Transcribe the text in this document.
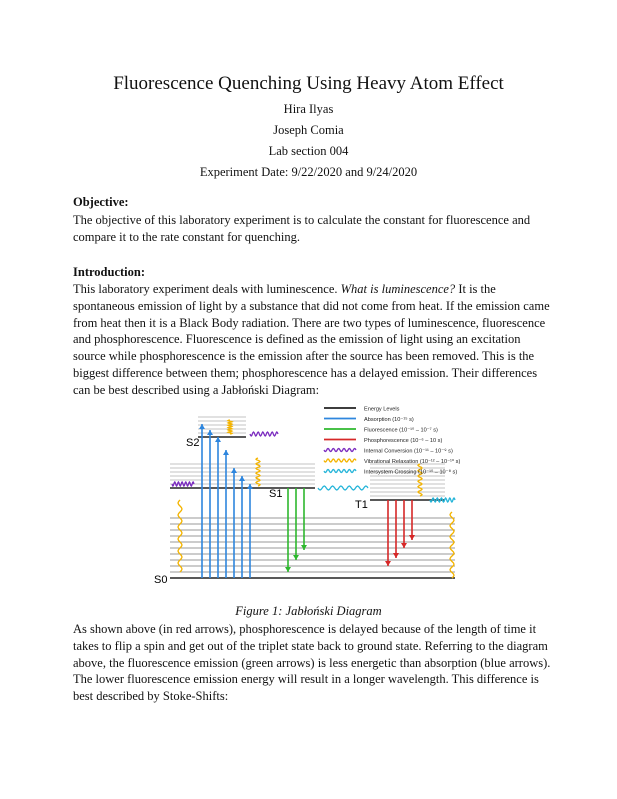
Fluorescence Quenching Using Heavy Atom Effect
Hira Ilyas
Joseph Comia
Lab section 004
Experiment Date: 9/22/2020 and 9/24/2020
Objective:

The objective of this laboratory experiment is to calculate the constant for fluorescence and compare it to the rate constant for quenching.

Introduction:

This laboratory experiment deals with luminescence. What is luminescence? It is the spontaneous emission of light by a substance that did not come from heat. If the emission came from heat then it is a Black Body radiation. There are two types of luminescence, fluorescence and phosphorescence. Fluorescence is defined as the emission of light using an excitation source while phosphorescence is the emission after the source has been removed. This is the biggest difference between them; phosphorescence has a delayed emission. Their differences can be best described using a Jabłoński Diagram:

Energy Levels
Absorption (10⁻¹⁵ s)
Fluorescence (10⁻¹⁰ – 10⁻⁷ s)
Phosphorescence (10⁻⁶ – 10 s)
Internal Conversion (10⁻¹¹ – 10⁻⁹ s)
Vibrational Relaxation (10⁻¹² – 10⁻¹⁰ s)
Intersystem Crossing (10⁻¹⁰ – 10⁻⁸ s)
S0
S2
S1
T1
Figure 1: Jabłoński Diagram

As shown above (in red arrows), phosphorescence is delayed because of the length of time it takes to flip a spin and get out of the triplet state back to ground state. Referring to the diagram above, the fluorescence emission (green arrows) is less energetic than absorption (blue arrows). The lower fluorescence emission energy will result in a longer wavelength. This difference is best described by Stoke-Shifts:
